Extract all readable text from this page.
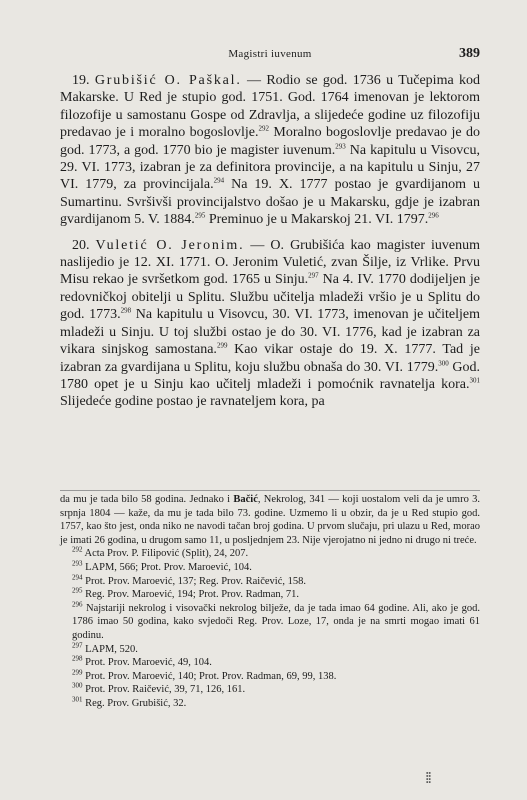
Magistri iuvenum	389

19. Grubišić O. Paškal. — Rodio se god. 1736 u Tučepima kod Makarske. U Red je stupio god. 1751. God. 1764 imenovan je lektorom filozofije u samostanu Gospe od Zdravlja, a slijedeće godine uz filozofiju predavao je i moralno bogoslovlje.$^{292}$ Moralno bogoslovlje predavao je do god. 1773, a god. 1770 bio je magister iuvenum.$^{293}$ Na kapitulu u Visovcu, 29. VI. 1773, izabran je za definitora provincije, a na kapitulu u Sinju, 27 VI. 1779, za provincijala.$^{294}$ Na 19. X. 1777 postao je gvardijanom u Sumartinu. Svršivši provincijalstvo došao je u Makarsku, gdje je izabran gvardijanom 5. V. 1884.$^{295}$ Preminuo je u Makarskoj 21. VI. 1797.$^{296}$

20. Vuletić O. Jeronim. — O. Grubišića kao magister iuvenum naslijedio je 12. XI. 1771. O. Jeronim Vuletić, zvan Šilje, iz Vrlike. Prvu Misu rekao je svršetkom god. 1765 u Sinju.$^{297}$ Na 4. IV. 1770 dodijeljen je redovničkoj obitelji u Splitu. Službu učitelja mladeži vršio je u Splitu do god. 1773.$^{298}$ Na kapitulu u Visovcu, 30. VI. 1773, imenovan je učiteljem mladeži u Sinju. U toj službi ostao je do 30. VI. 1776, kad je izabran za vikara sinjskog samostana.$^{299}$ Kao vikar ostaje do 19. X. 1777. Tad je izabran za gvardijana u Splitu, koju službu obnaša do 30. VI. 1779.$^{300}$ God. 1780 opet je u Sinju kao učitelj mladeži i pomoćnik ravnatelja kora.$^{301}$ Slijedeće godine postao je ravnateljem kora, pa

da mu je tada bilo 58 godina. Jednako i Bačić, Nekrolog, 341 — koji uostalom veli da je umro 3. srpnja 1804 — kaže, da mu je tada bilo 73. godine. Uzmemo li u obzir, da je u Red stupio god. 1757, kao što jest, onda niko ne navodi tačan broj godina. U prvom slučaju, pri ulazu u Red, morao je imati 26 godina, u drugom samo 11, u posljednjem 23. Nije vjerojatno ni jedno ni drugo ni treće.

$^{292}$ Acta Prov. P. Filipović (Split), 24, 207.

$^{293}$ LAPM, 566; Prot. Prov. Maroević, 104.

$^{294}$ Prot. Prov. Maroević, 137; Reg. Prov. Raičević, 158.

$^{295}$ Reg. Prov. Maroević, 194; Prot. Prov. Radman, 71.

$^{296}$ Najstariji nekrolog i visovački nekrolog bilježe, da je tada imao 64 godine. Ali, ako je god. 1786 imao 50 godina, kako svjedoči Reg. Prov. Loze, 17, onda je na smrti mogao imati 61 godinu.

$^{297}$ LAPM, 520.

$^{298}$ Prot. Prov. Maroević, 49, 104.

$^{299}$ Prot. Prov. Maroević, 140; Prot. Prov. Radman, 69, 99, 138.

$^{300}$ Prot. Prov. Raičević, 39, 71, 126, 161.

$^{301}$ Reg. Prov. Grubišić, 32.

⁞⁞
